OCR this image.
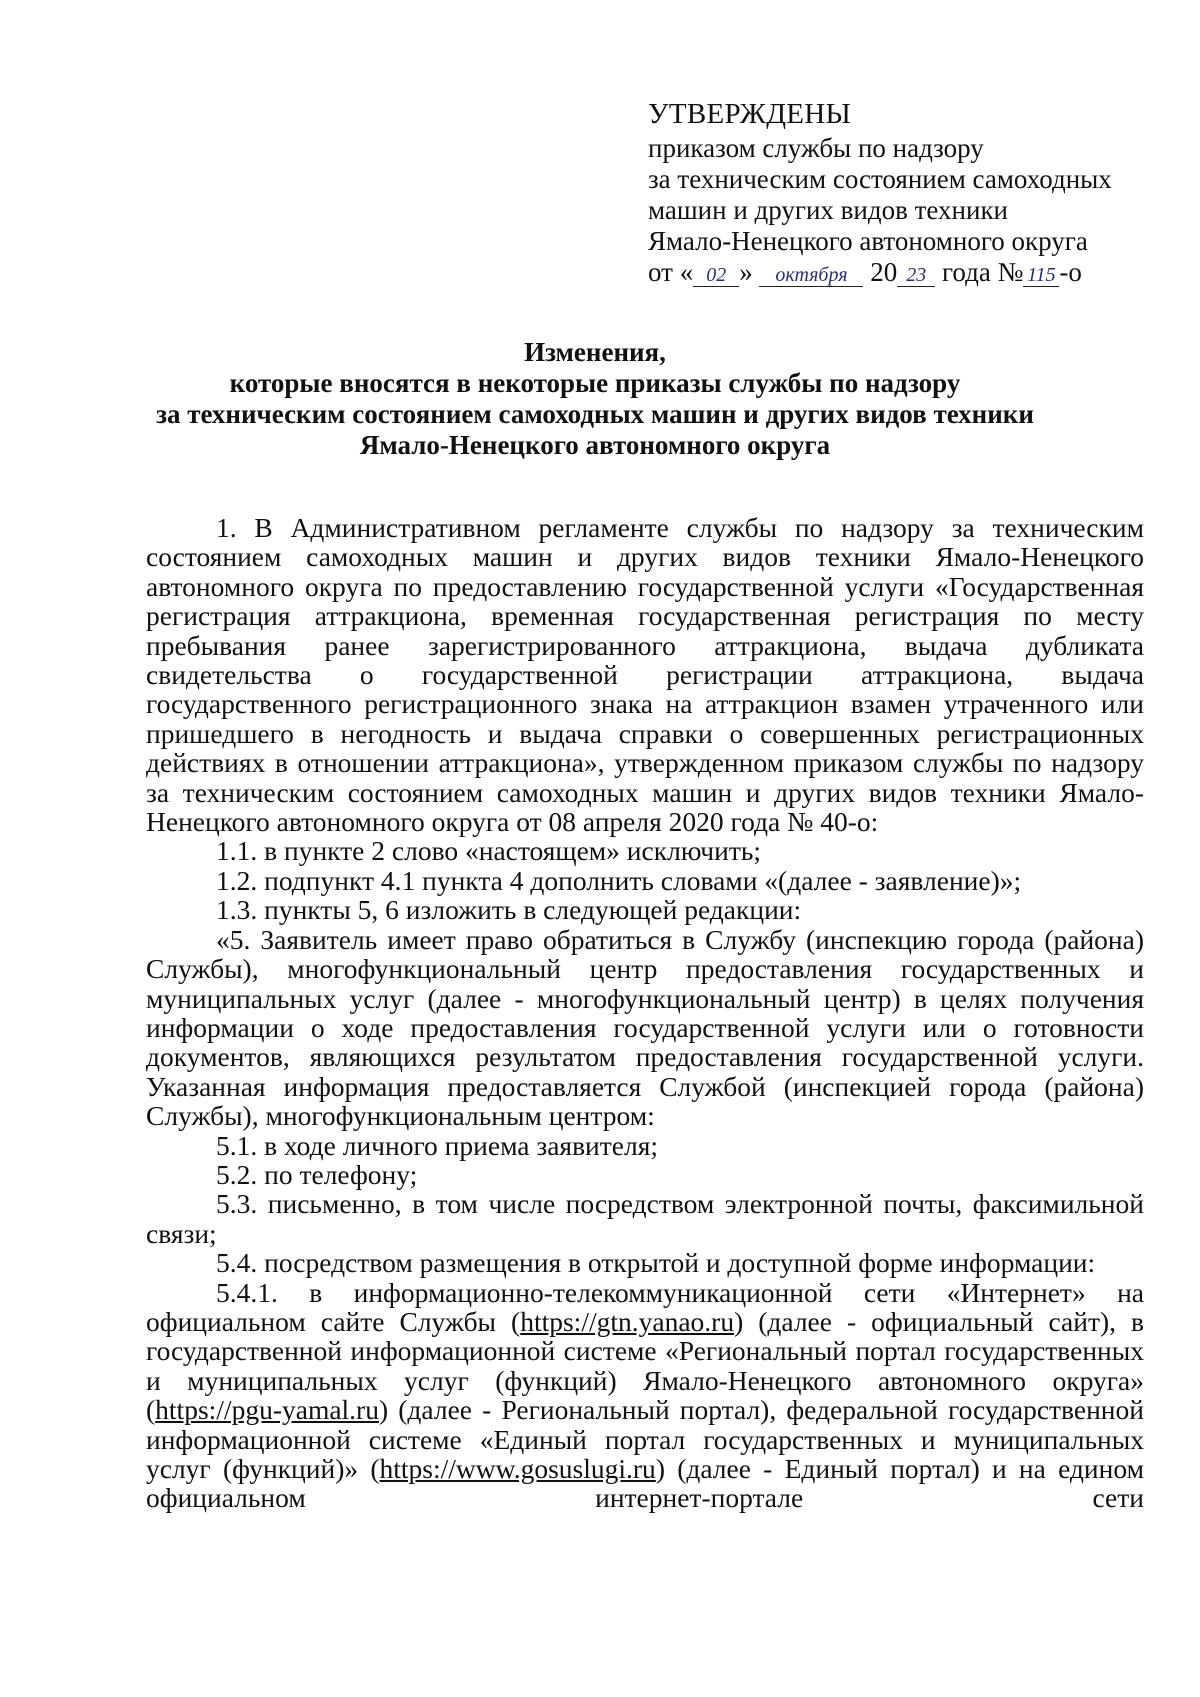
УТВЕРЖДЕНЫ
приказом службы по надзору
за техническим состоянием самоходных
машин и других видов техники
Ямало-Ненецкого автономного округа
от « 02 » октября 20 23 года № 115 -о
Изменения,
которые вносятся в некоторые приказы службы по надзору
за техническим состоянием самоходных машин и других видов техники
Ямало-Ненецкого автономного округа

1. В Административном регламенте службы по надзору за техническим состоянием самоходных машин и других видов техники Ямало-Ненецкого автономного округа по предоставлению государственной услуги «Государственная регистрация аттракциона, временная государственная регистрация по месту пребывания ранее зарегистрированного аттракциона, выдача дубликата свидетельства о государственной регистрации аттракциона, выдача государственного регистрационного знака на аттракцион взамен утраченного или пришедшего в негодность и выдача справки о совершенных регистрационных действиях в отношении аттракциона», утвержденном приказом службы по надзору за техническим состоянием самоходных машин и других видов техники Ямало-Ненецкого автономного округа от 08 апреля 2020 года № 40-о:

1.1. в пункте 2 слово «настоящем» исключить;

1.2. подпункт 4.1 пункта 4 дополнить словами «(далее - заявление)»;

1.3. пункты 5, 6 изложить в следующей редакции:

«5. Заявитель имеет право обратиться в Службу (инспекцию города (района) Службы), многофункциональный центр предоставления государственных и муниципальных услуг (далее - многофункциональный центр) в целях получения информации о ходе предоставления государственной услуги или о готовности документов, являющихся результатом предоставления государственной услуги. Указанная информация предоставляется Службой (инспекцией города (района) Службы), многофункциональным центром:

5.1. в ходе личного приема заявителя;

5.2. по телефону;

5.3. письменно, в том числе посредством электронной почты, факсимильной связи;

5.4. посредством размещения в открытой и доступной форме информации:

5.4.1. в информационно-телекоммуникационной сети «Интернет» на официальном сайте Службы (https://gtn.yanao.ru) (далее - официальный сайт), в государственной информационной системе «Региональный портал государственных и муниципальных услуг (функций) Ямало-Ненецкого автономного округа» (https://pgu-yamal.ru) (далее - Региональный портал), федеральной государственной информационной системе «Единый портал государственных и муниципальных услуг (функций)» (https://www.gosuslugi.ru) (далее - Единый портал) и на едином официальном интернет-портале сети
